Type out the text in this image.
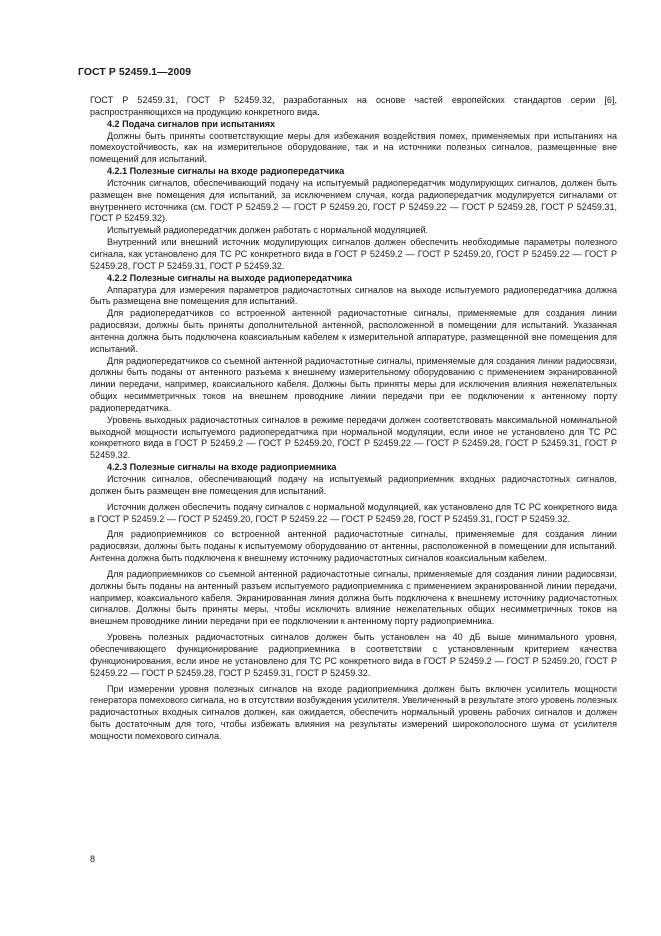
ГОСТ Р 52459.1—2009

ГОСТ Р 52459.31, ГОСТ Р 52459.32, разработанных на основе частей европейских стандартов серии [6], распространяющихся на продукцию конкретного вида.

4.2 Подача сигналов при испытаниях

Должны быть приняты соответствующие меры для избежания воздействия помех, применяемых при испытаниях на помехоустойчивость, как на измерительное оборудование, так и на источники полезных сигналов, размещенные вне помещений для испытаний.

4.2.1 Полезные сигналы на входе радиопередатчика

Источник сигналов, обеспечивающий подачу на испытуемый радиопередатчик модулирующих сигналов, должен быть размещен вне помещения для испытаний, за исключением случая, когда радиопередатчик модулируется сигналами от внутреннего источника (см. ГОСТ Р 52459.2 — ГОСТ Р 52459.20, ГОСТ Р 52459.22 — ГОСТ Р 52459.28, ГОСТ Р 52459.31, ГОСТ Р 52459.32).

Испытуемый радиопередатчик должен работать с нормальной модуляцией.

Внутренний или внешний источник модулирующих сигналов должен обеспечить необходимые параметры полезного сигнала, как установлено для ТС РС конкретного вида в ГОСТ Р 52459.2 — ГОСТ Р 52459.20, ГОСТ Р 52459.22 — ГОСТ Р 52459.28, ГОСТ Р 52459.31, ГОСТ Р 52459.32.

4.2.2 Полезные сигналы на выходе радиопередатчика

Аппаратура для измерения параметров радиочастотных сигналов на выходе испытуемого радиопередатчика должна быть размещена вне помещения для испытаний.

Для радиопередатчиков со встроенной антенной радиочастотные сигналы, применяемые для создания линии радиосвязи, должны быть приняты дополнительной антенной, расположенной в помещении для испытаний. Указанная антенна должна быть подключена коаксиальным кабелем к измерительной аппаратуре, размещенной вне помещения для испытаний.

Для радиопередатчиков со съемной антенной радиочастотные сигналы, применяемые для создания линии радиосвязи, должны быть поданы от антенного разъема к внешнему измерительному оборудованию с применением экранированной линии передачи, например, коаксиального кабеля. Должны быть приняты меры для исключения влияния нежелательных общих несимметричных токов на внешнем проводнике линии передачи при ее подключении к антенному порту радиопередатчика.

Уровень выходных радиочастотных сигналов в режиме передачи должен соответствовать максимальной номинальной выходной мощности испытуемого радиопередатчика при нормальной модуляции, если иное не установлено для ТС РС конкретного вида в ГОСТ Р 52459.2 — ГОСТ Р 52459.20, ГОСТ Р 52459.22 — ГОСТ Р 52459.28, ГОСТ Р 52459.31, ГОСТ Р 52459.32.

4.2.3 Полезные сигналы на входе радиоприемника

Источник сигналов, обеспечивающий подачу на испытуемый радиоприемник входных радиочастотных сигналов, должен быть размещен вне помещения для испытаний.

Источник должен обеспечить подачу сигналов с нормальной модуляцией, как установлено для ТС РС конкретного вида в ГОСТ Р 52459.2 — ГОСТ Р 52459.20, ГОСТ Р 52459.22 — ГОСТ Р 52459.28, ГОСТ Р 52459.31, ГОСТ Р 52459.32.

Для радиоприемников со встроенной антенной радиочастотные сигналы, применяемые для создания линии радиосвязи, должны быть поданы к испытуемому оборудованию от антенны, расположенной в помещении для испытаний. Антенна должна быть подключена к внешнему источнику радиочастотных сигналов коаксиальным кабелем.

Для радиоприемников со съемной антенной радиочастотные сигналы, применяемые для создания линии радиосвязи, должны быть поданы на антенный разъем испытуемого радиоприемника с применением экранированной линии передачи, например, коаксиального кабеля. Экранированная линия должна быть подключена к внешнему источнику радиочастотных сигналов. Должны быть приняты меры, чтобы исключить влияние нежелательных общих несимметричных токов на внешнем проводнике линии передачи при ее подключении к антенному порту радиоприемника.

Уровень полезных радиочастотных сигналов должен быть установлен на 40 дБ выше минимального уровня, обеспечивающего функционирование радиоприемника в соответствии с установленным критерием качества функционирования, если иное не установлено для ТС РС конкретного вида в ГОСТ Р 52459.2 — ГОСТ Р 52459.20, ГОСТ Р 52459.22 — ГОСТ Р 52459.28, ГОСТ Р 52459.31, ГОСТ Р 52459.32.

При измерении уровня полезных сигналов на входе радиоприемника должен быть включен усилитель мощности генератора помехового сигнала, но в отсутствии возбуждения усилителя. Увеличенный в результате этого уровень полезных радиочастотных входных сигналов должен, как ожидается, обеспечить нормальный уровень рабочих сигналов и должен быть достаточным для того, чтобы избежать влияния на результаты измерений широкополосного шума от усилителя мощности помехового сигнала.

8
